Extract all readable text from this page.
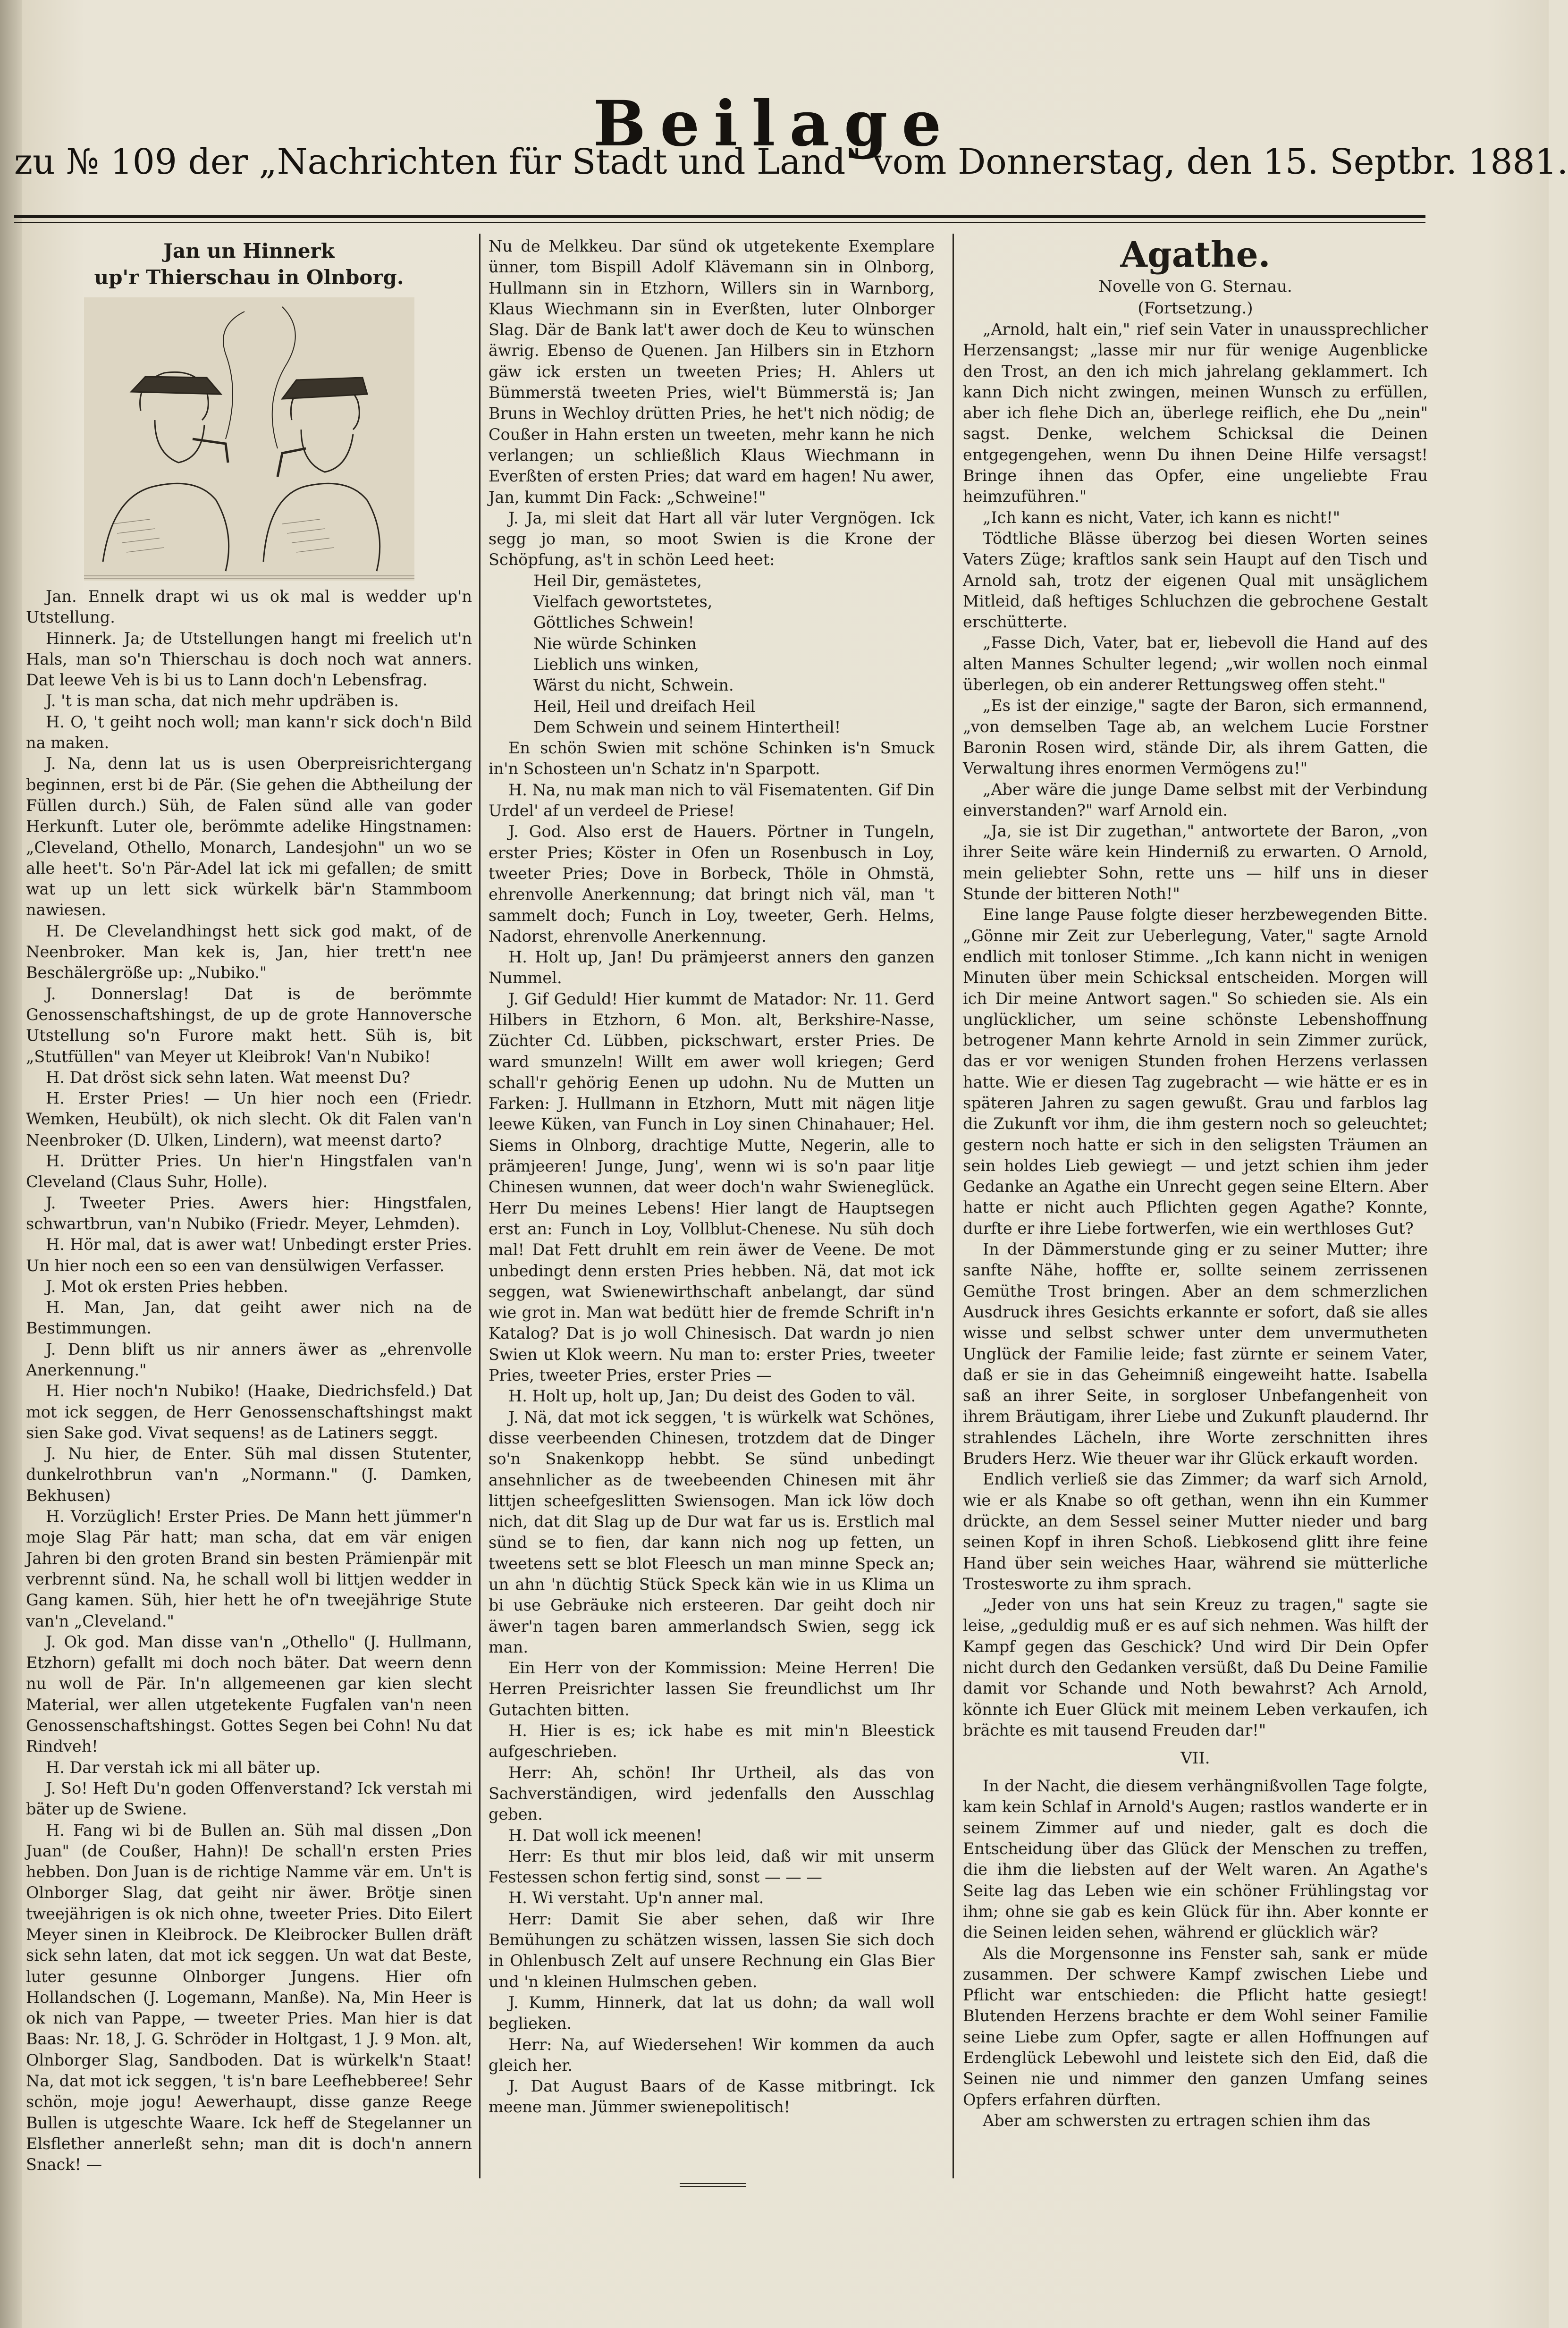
Beilage
zu № 109 der „Nachrichten für Stadt und Land" vom Donnerstag, den 15. Septbr. 1881.
Jan un Hinnerk
up'r Thierschau in Olnborg.

Jan. Ennelk drapt wi us ok mal is wedder up'n Utstellung.

Hinnerk. Ja; de Utstellungen hangt mi freelich ut'n Hals, man so'n Thierschau is doch noch wat anners. Dat leewe Veh is bi us to Lann doch'n Lebensfrag.

J. 't is man scha, dat nich mehr updräben is.

H. O, 't geiht noch woll; man kann'r sick doch'n Bild na maken.

J. Na, denn lat us is usen Oberpreisrichtergang beginnen, erst bi de Pär. (Sie gehen die Abtheilung der Füllen durch.) Süh, de Falen sünd alle van goder Herkunft. Luter ole, berömmte adelike Hingstnamen: „Cleveland, Othello, Monarch, Landesjohn" un wo se alle heet't. So'n Pär-Adel lat ick mi gefallen; de smitt wat up un lett sick würkelk bär'n Stammboom nawiesen.

H. De Clevelandhingst hett sick god makt, of de Neenbroker. Man kek is, Jan, hier trett'n nee Beschälergröße up: „Nubiko."

J. Donnerslag! Dat is de berömmte Genossenschaftshingst, de up de grote Hannoversche Utstellung so'n Furore makt hett. Süh is, bit „Stutfüllen" van Meyer ut Kleibrok! Van'n Nubiko!

H. Dat dröst sick sehn laten. Wat meenst Du?

H. Erster Pries! — Un hier noch een (Friedr. Wemken, Heubült), ok nich slecht. Ok dit Falen van'n Neenbroker (D. Ulken, Lindern), wat meenst darto?

H. Drütter Pries. Un hier'n Hingstfalen van'n Cleveland (Claus Suhr, Holle).

J. Tweeter Pries. Awers hier: Hingstfalen, schwartbrun, van'n Nubiko (Friedr. Meyer, Lehmden).

H. Hör mal, dat is awer wat! Unbedingt erster Pries. Un hier noch een so een van densülwigen Verfasser.

J. Mot ok ersten Pries hebben.

H. Man, Jan, dat geiht awer nich na de Bestimmungen.

J. Denn blift us nir anners äwer as „ehrenvolle Anerkennung."

H. Hier noch'n Nubiko! (Haake, Diedrichsfeld.) Dat mot ick seggen, de Herr Genossenschaftshingst makt sien Sake god. Vivat sequens! as de Latiners seggt.

J. Nu hier, de Enter. Süh mal dissen Stutenter, dunkelrothbrun van'n „Normann." (J. Damken, Bekhusen)

H. Vorzüglich! Erster Pries. De Mann hett jümmer'n moje Slag Pär hatt; man scha, dat em vär enigen Jahren bi den groten Brand sin besten Prämienpär mit verbrennt sünd. Na, he schall woll bi littjen wedder in Gang kamen. Süh, hier hett he of'n tweejährige Stute van'n „Cleveland."

J. Ok god. Man disse van'n „Othello" (J. Hullmann, Etzhorn) gefallt mi doch noch bäter. Dat weern denn nu woll de Pär. In'n allgemeenen gar kien slecht Material, wer allen utgetekente Fugfalen van'n neen Genossenschaftshingst. Gottes Segen bei Cohn! Nu dat Rindveh!

H. Dar verstah ick mi all bäter up.

J. So! Heft Du'n goden Offenverstand? Ick verstah mi bäter up de Swiene.

H. Fang wi bi de Bullen an. Süh mal dissen „Don Juan" (de Coußer, Hahn)! De schall'n ersten Pries hebben. Don Juan is de richtige Namme vär em. Un't is Olnborger Slag, dat geiht nir äwer. Brötje sinen tweejährigen is ok nich ohne, tweeter Pries. Dito Eilert Meyer sinen in Kleibrock. De Kleibrocker Bullen dräft sick sehn laten, dat mot ick seggen. Un wat dat Beste, luter gesunne Olnborger Jungens. Hier ofn Hollandschen (J. Logemann, Manße). Na, Min Heer is ok nich van Pappe, — tweeter Pries. Man hier is dat Baas: Nr. 18, J. G. Schröder in Holtgast, 1 J. 9 Mon. alt, Olnborger Slag, Sandboden. Dat is würkelk'n Staat! Na, dat mot ick seggen, 't is'n bare Leefhebberee! Sehr schön, moje jogu! Aewerhaupt, disse ganze Reege Bullen is utgeschte Waare. Ick heff de Stegelanner un Elsflether annerleßt sehn; man dit is doch'n annern Snack! —

Nu de Melkkeu. Dar sünd ok utgetekente Exemplare ünner, tom Bispill Adolf Klävemann sin in Olnborg, Hullmann sin in Etzhorn, Willers sin in Warnborg, Klaus Wiechmann sin in Everßten, luter Olnborger Slag. Där de Bank lat't awer doch de Keu to wünschen äwrig. Ebenso de Quenen. Jan Hilbers sin in Etzhorn gäw ick ersten un tweeten Pries; H. Ahlers ut Bümmerstä tweeten Pries, wiel't Bümmerstä is; Jan Bruns in Wechloy drütten Pries, he het't nich nödig; de Coußer in Hahn ersten un tweeten, mehr kann he nich verlangen; un schließlich Klaus Wiechmann in Everßten of ersten Pries; dat ward em hagen! Nu awer, Jan, kummt Din Fack: „Schweine!"

J. Ja, mi sleit dat Hart all vär luter Vergnögen. Ick segg jo man, so moot Swien is die Krone der Schöpfung, as't in schön Leed heet:

Heil Dir, gemästetes,
Vielfach gewortstetes,
Göttliches Schwein!
Nie würde Schinken
Lieblich uns winken,
Wärst du nicht, Schwein.
Heil, Heil und dreifach Heil
Dem Schwein und seinem Hintertheil!

En schön Swien mit schöne Schinken is'n Smuck in'n Schosteen un'n Schatz in'n Sparpott.

H. Na, nu mak man nich to väl Fisematenten. Gif Din Urdel' af un verdeel de Priese!

J. God. Also erst de Hauers. Pörtner in Tungeln, erster Pries; Köster in Ofen un Rosenbusch in Loy, tweeter Pries; Dove in Borbeck, Thöle in Ohmstä, ehrenvolle Anerkennung; dat bringt nich väl, man 't sammelt doch; Funch in Loy, tweeter, Gerh. Helms, Nadorst, ehrenvolle Anerkennung.

H. Holt up, Jan! Du prämjeerst anners den ganzen Nummel.

J. Gif Geduld! Hier kummt de Matador: Nr. 11. Gerd Hilbers in Etzhorn, 6 Mon. alt, Berkshire-Nasse, Züchter Cd. Lübben, pickschwart, erster Pries. De ward smunzeln! Willt em awer woll kriegen; Gerd schall'r gehörig Eenen up udohn. Nu de Mutten un Farken: J. Hullmann in Etzhorn, Mutt mit nägen litje leewe Küken, van Funch in Loy sinen Chinahauer; Hel. Siems in Olnborg, drachtige Mutte, Negerin, alle to prämjeeren! Junge, Jung', wenn wi is so'n paar litje Chinesen wunnen, dat weer doch'n wahr Swieneglück. Herr Du meines Lebens! Hier langt de Hauptsegen erst an: Funch in Loy, Vollblut-Chenese. Nu süh doch mal! Dat Fett druhlt em rein äwer de Veene. De mot unbedingt denn ersten Pries hebben. Nä, dat mot ick seggen, wat Swienewirthschaft anbelangt, dar sünd wie grot in. Man wat bedütt hier de fremde Schrift in'n Katalog? Dat is jo woll Chinesisch. Dat wardn jo nien Swien ut Klok weern. Nu man to: erster Pries, tweeter Pries, tweeter Pries, erster Pries —

H. Holt up, holt up, Jan; Du deist des Goden to väl.

J. Nä, dat mot ick seggen, 't is würkelk wat Schönes, disse veerbeenden Chinesen, trotzdem dat de Dinger so'n Snakenkopp hebbt. Se sünd unbedingt ansehnlicher as de tweebeenden Chinesen mit ähr littjen scheefgeslitten Swiensogen. Man ick löw doch nich, dat dit Slag up de Dur wat far us is. Erstlich mal sünd se to fien, dar kann nich nog up fetten, un tweetens sett se blot Fleesch un man minne Speck an; un ahn 'n düchtig Stück Speck kän wie in us Klima un bi use Gebräuke nich ersteeren. Dar geiht doch nir äwer'n tagen baren ammerlandsch Swien, segg ick man.

Ein Herr von der Kommission: Meine Herren! Die Herren Preisrichter lassen Sie freundlichst um Ihr Gutachten bitten.

H. Hier is es; ick habe es mit min'n Bleestick aufgeschrieben.

Herr: Ah, schön! Ihr Urtheil, als das von Sachverständigen, wird jedenfalls den Ausschlag geben.

H. Dat woll ick meenen!

Herr: Es thut mir blos leid, daß wir mit unserm Festessen schon fertig sind, sonst — — —

H. Wi verstaht. Up'n anner mal.

Herr: Damit Sie aber sehen, daß wir Ihre Bemühungen zu schätzen wissen, lassen Sie sich doch in Ohlenbusch Zelt auf unsere Rechnung ein Glas Bier und 'n kleinen Hulmschen geben.

J. Kumm, Hinnerk, dat lat us dohn; da wall woll beglieken.

Herr: Na, auf Wiedersehen! Wir kommen da auch gleich her.

J. Dat August Baars of de Kasse mitbringt. Ick meene man. Jümmer swienepolitisch!

Agathe.
Novelle von G. Sternau.
(Fortsetzung.)

„Arnold, halt ein," rief sein Vater in unaussprechlicher Herzensangst; „lasse mir nur für wenige Augenblicke den Trost, an den ich mich jahrelang geklammert. Ich kann Dich nicht zwingen, meinen Wunsch zu erfüllen, aber ich flehe Dich an, überlege reiflich, ehe Du „nein" sagst. Denke, welchem Schicksal die Deinen entgegengehen, wenn Du ihnen Deine Hilfe versagst! Bringe ihnen das Opfer, eine ungeliebte Frau heimzuführen."

„Ich kann es nicht, Vater, ich kann es nicht!"

Tödtliche Blässe überzog bei diesen Worten seines Vaters Züge; kraftlos sank sein Haupt auf den Tisch und Arnold sah, trotz der eigenen Qual mit unsäglichem Mitleid, daß heftiges Schluchzen die gebrochene Gestalt erschütterte.

„Fasse Dich, Vater, bat er, liebevoll die Hand auf des alten Mannes Schulter legend; „wir wollen noch einmal überlegen, ob ein anderer Rettungsweg offen steht."

„Es ist der einzige," sagte der Baron, sich ermannend, „von demselben Tage ab, an welchem Lucie Forstner Baronin Rosen wird, stände Dir, als ihrem Gatten, die Verwaltung ihres enormen Vermögens zu!"

„Aber wäre die junge Dame selbst mit der Verbindung einverstanden?" warf Arnold ein.

„Ja, sie ist Dir zugethan," antwortete der Baron, „von ihrer Seite wäre kein Hinderniß zu erwarten. O Arnold, mein geliebter Sohn, rette uns — hilf uns in dieser Stunde der bitteren Noth!"

Eine lange Pause folgte dieser herzbewegenden Bitte. „Gönne mir Zeit zur Ueberlegung, Vater," sagte Arnold endlich mit tonloser Stimme. „Ich kann nicht in wenigen Minuten über mein Schicksal entscheiden. Morgen will ich Dir meine Antwort sagen." So schieden sie. Als ein unglücklicher, um seine schönste Lebenshoffnung betrogener Mann kehrte Arnold in sein Zimmer zurück, das er vor wenigen Stunden frohen Herzens verlassen hatte. Wie er diesen Tag zugebracht — wie hätte er es in späteren Jahren zu sagen gewußt. Grau und farblos lag die Zukunft vor ihm, die ihm gestern noch so geleuchtet; gestern noch hatte er sich in den seligsten Träumen an sein holdes Lieb gewiegt — und jetzt schien ihm jeder Gedanke an Agathe ein Unrecht gegen seine Eltern. Aber hatte er nicht auch Pflichten gegen Agathe? Konnte, durfte er ihre Liebe fortwerfen, wie ein werthloses Gut?

In der Dämmerstunde ging er zu seiner Mutter; ihre sanfte Nähe, hoffte er, sollte seinem zerrissenen Gemüthe Trost bringen. Aber an dem schmerzlichen Ausdruck ihres Gesichts erkannte er sofort, daß sie alles wisse und selbst schwer unter dem unvermutheten Unglück der Familie leide; fast zürnte er seinem Vater, daß er sie in das Geheimniß eingeweiht hatte. Isabella saß an ihrer Seite, in sorgloser Unbefangenheit von ihrem Bräutigam, ihrer Liebe und Zukunft plaudernd. Ihr strahlendes Lächeln, ihre Worte zerschnitten ihres Bruders Herz. Wie theuer war ihr Glück erkauft worden.

Endlich verließ sie das Zimmer; da warf sich Arnold, wie er als Knabe so oft gethan, wenn ihn ein Kummer drückte, an dem Sessel seiner Mutter nieder und barg seinen Kopf in ihren Schoß. Liebkosend glitt ihre feine Hand über sein weiches Haar, während sie mütterliche Trostesworte zu ihm sprach.

„Jeder von uns hat sein Kreuz zu tragen," sagte sie leise, „geduldig muß er es auf sich nehmen. Was hilft der Kampf gegen das Geschick? Und wird Dir Dein Opfer nicht durch den Gedanken versüßt, daß Du Deine Familie damit vor Schande und Noth bewahrst? Ach Arnold, könnte ich Euer Glück mit meinem Leben verkaufen, ich brächte es mit tausend Freuden dar!"

VII.

In der Nacht, die diesem verhängnißvollen Tage folgte, kam kein Schlaf in Arnold's Augen; rastlos wanderte er in seinem Zimmer auf und nieder, galt es doch die Entscheidung über das Glück der Menschen zu treffen, die ihm die liebsten auf der Welt waren. An Agathe's Seite lag das Leben wie ein schöner Frühlingstag vor ihm; ohne sie gab es kein Glück für ihn. Aber konnte er die Seinen leiden sehen, während er glücklich wär?

Als die Morgensonne ins Fenster sah, sank er müde zusammen. Der schwere Kampf zwischen Liebe und Pflicht war entschieden: die Pflicht hatte gesiegt! Blutenden Herzens brachte er dem Wohl seiner Familie seine Liebe zum Opfer, sagte er allen Hoffnungen auf Erdenglück Lebewohl und leistete sich den Eid, daß die Seinen nie und nimmer den ganzen Umfang seines Opfers erfahren dürften.

Aber am schwersten zu ertragen schien ihm das
